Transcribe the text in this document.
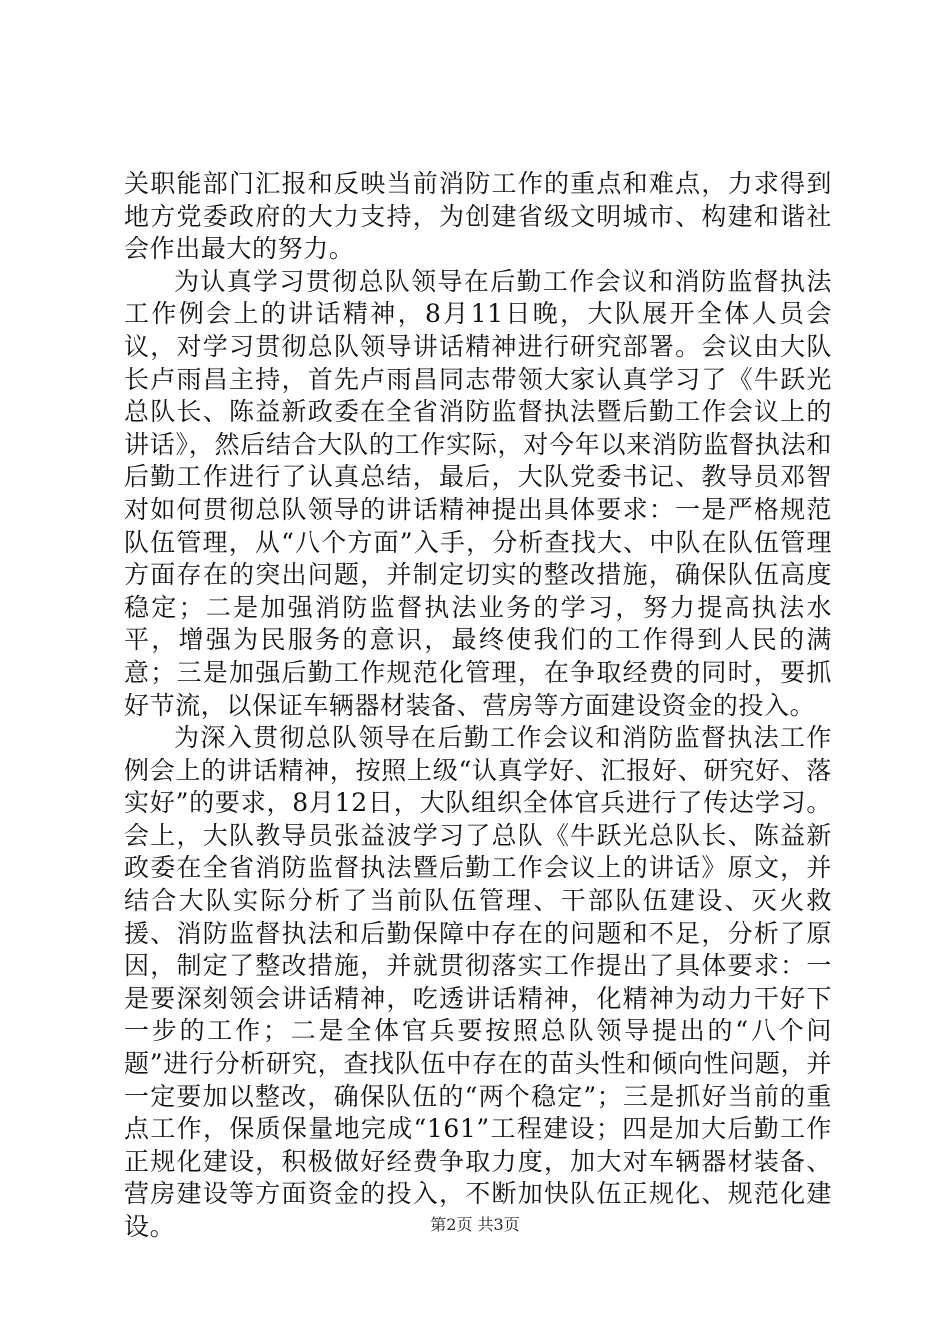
关职能部门汇报和反映当前消防工作的重点和难点，力求得到地方党委政府的大力支持，为创建省级文明城市、构建和谐社会作出最大的努力。

为认真学习贯彻总队领导在后勤工作会议和消防监督执法工作例会上的讲话精神，8月11日晚，大队展开全体人员会议，对学习贯彻总队领导讲话精神进行研究部署。会议由大队长卢雨昌主持，首先卢雨昌同志带领大家认真学习了《牛跃光总队长、陈益新政委在全省消防监督执法暨后勤工作会议上的讲话》，然后结合大队的工作实际，对今年以来消防监督执法和后勤工作进行了认真总结，最后，大队党委书记、教导员邓智对如何贯彻总队领导的讲话精神提出具体要求：一是严格规范队伍管理，从“八个方面”入手，分析查找大、中队在队伍管理方面存在的突出问题，并制定切实的整改措施，确保队伍高度稳定；二是加强消防监督执法业务的学习，努力提高执法水平，增强为民服务的意识，最终使我们的工作得到人民的满意；三是加强后勤工作规范化管理，在争取经费的同时，要抓好节流，以保证车辆器材装备、营房等方面建设资金的投入。

为深入贯彻总队领导在后勤工作会议和消防监督执法工作例会上的讲话精神，按照上级“认真学好、汇报好、研究好、落实好”的要求，8月12日，大队组织全体官兵进行了传达学习。会上，大队教导员张益波学习了总队《牛跃光总队长、陈益新政委在全省消防监督执法暨后勤工作会议上的讲话》原文，并结合大队实际分析了当前队伍管理、干部队伍建设、灭火救援、消防监督执法和后勤保障中存在的问题和不足，分析了原因，制定了整改措施，并就贯彻落实工作提出了具体要求：一是要深刻领会讲话精神，吃透讲话精神，化精神为动力干好下一步的工作；二是全体官兵要按照总队领导提出的“八个问题”进行分析研究，查找队伍中存在的苗头性和倾向性问题，并一定要加以整改，确保队伍的“两个稳定”；三是抓好当前的重点工作，保质保量地完成“161”工程建设；四是加大后勤工作正规化建设，积极做好经费争取力度，加大对车辆器材装备、营房建设等方面资金的投入，不断加快队伍正规化、规范化建设。	第2页 共3页
